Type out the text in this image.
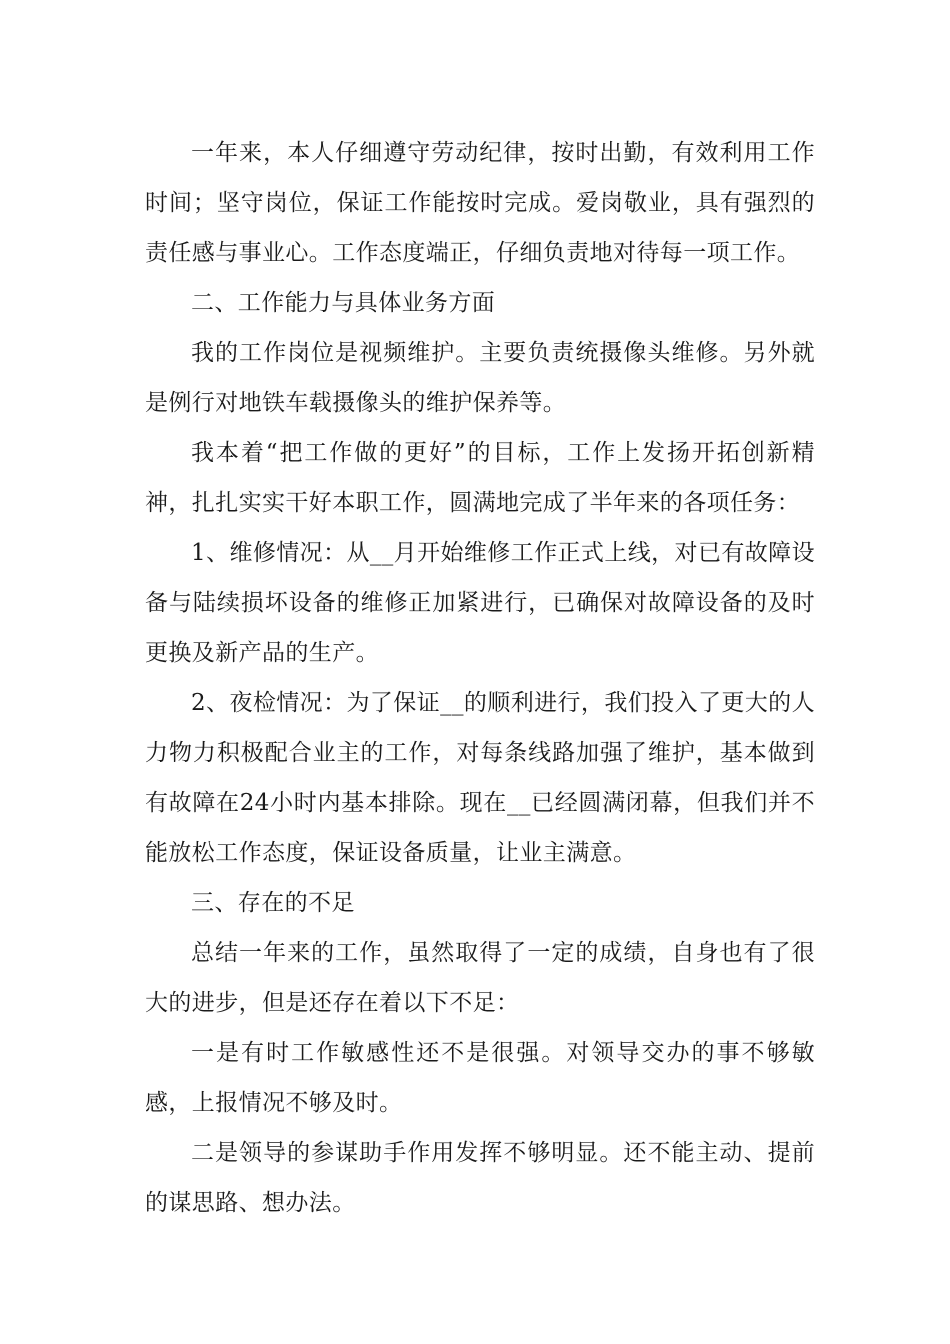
一年来，本人仔细遵守劳动纪律，按时出勤，有效利用工作时间；坚守岗位，保证工作能按时完成。爱岗敬业，具有强烈的责任感与事业心。工作态度端正，仔细负责地对待每一项工作。

二、工作能力与具体业务方面

我的工作岗位是视频维护。主要负责统摄像头维修。另外就是例行对地铁车载摄像头的维护保养等。

我本着“把工作做的更好”的目标，工作上发扬开拓创新精神，扎扎实实干好本职工作，圆满地完成了半年来的各项任务：

1、维修情况：从__月开始维修工作正式上线，对已有故障设备与陆续损坏设备的维修正加紧进行，已确保对故障设备的及时更换及新产品的生产。

2、夜检情况：为了保证__的顺利进行，我们投入了更大的人力物力积极配合业主的工作，对每条线路加强了维护，基本做到有故障在24小时内基本排除。现在__已经圆满闭幕，但我们并不能放松工作态度，保证设备质量，让业主满意。

三、存在的不足

总结一年来的工作，虽然取得了一定的成绩，自身也有了很大的进步，但是还存在着以下不足：

一是有时工作敏感性还不是很强。对领导交办的事不够敏感，上报情况不够及时。

二是领导的参谋助手作用发挥不够明显。还不能主动、提前的谋思路、想办法。
